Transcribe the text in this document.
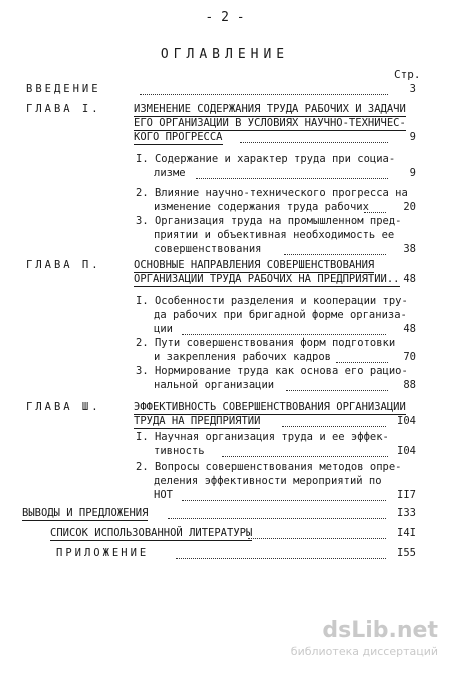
- 2 -
ОГЛАВЛЕНИЕ
Стр.
ВВЕДЕНИЕ	3
ГЛАВА I.	ИЗМЕНЕНИЕ СОДЕРЖАНИЯ ТРУДА РАБОЧИХ И ЗАДАЧИ
ЕГО ОРГАНИЗАЦИИ В УСЛОВИЯХ НАУЧНО-ТЕХНИЧЕС-
КОГО ПРОГРЕССА	9
I. Содержание и характер труда при социа-
лизме	9
2. Влияние научно-технического прогресса на
изменение содержания труда рабочих	20
3. Организация труда на промышленном пред-
приятии и объективная необходимость ее
совершенствования	38
ГЛАВА П.	ОСНОВНЫЕ НАПРАВЛЕНИЯ СОВЕРШЕНСТВОВАНИЯ
ОРГАНИЗАЦИИ ТРУДА РАБОЧИХ НА ПРЕДПРИЯТИИ.. 48
I. Особенности разделения и кооперации тру-
да рабочих при бригадной форме организа-
ции	48
2. Пути совершенствования форм подготовки
и закрепления рабочих кадров	70
3. Нормирование труда как основа его рацио-
нальной организации	88
ГЛАВА Ш.	ЭФФЕКТИВНОСТЬ СОВЕРШЕНСТВОВАНИЯ ОРГАНИЗАЦИИ
ТРУДА НА ПРЕДПРИЯТИИ	I04
I. Научная организация труда и ее эффек-
тивность	I04
2. Вопросы совершенствования методов опре-
деления эффективности мероприятий по
НОТ	II7
ВЫВОДЫ И ПРЕДЛОЖЕНИЯ	I33
СПИСОК ИСПОЛЬЗОВАННОЙ ЛИТЕРАТУРЫ	I4I
ПРИЛОЖЕНИЕ	I55
dsLib.net
библиотека диссертаций
